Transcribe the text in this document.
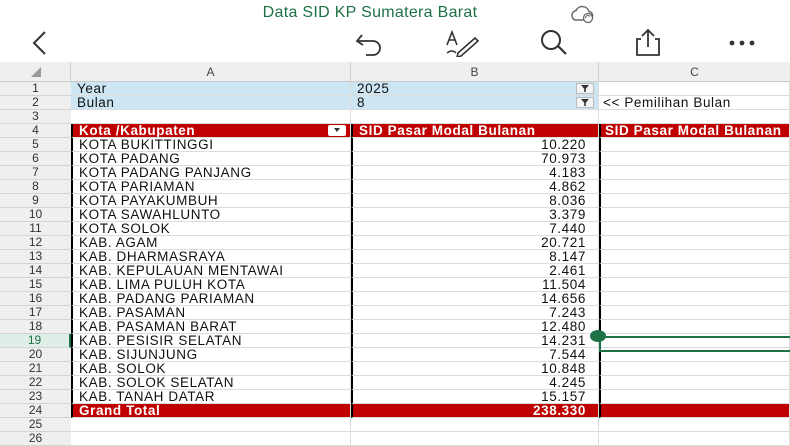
Data SID KP Sumatera Barat
A	B	C
1	Year	2025
2	Bulan	8	<< Pemilihan Bulan
3
4	Kota /Kabupaten	SID Pasar Modal Bulanan	SID Pasar Modal Bulanan
5	KOTA BUKITTINGGI	10.220
6	KOTA PADANG	70.973
7	KOTA PADANG PANJANG	4.183
8	KOTA PARIAMAN	4.862
9	KOTA PAYAKUMBUH	8.036
10	KOTA SAWAHLUNTO	3.379
11	KOTA SOLOK	7.440
12	KAB. AGAM	20.721
13	KAB. DHARMASRAYA	8.147
14	KAB. KEPULAUAN MENTAWAI	2.461
15	KAB. LIMA PULUH KOTA	11.504
16	KAB. PADANG PARIAMAN	14.656
17	KAB. PASAMAN	7.243
18	KAB. PASAMAN BARAT	12.480
19	KAB. PESISIR SELATAN	14.231
20	KAB. SIJUNJUNG	7.544
21	KAB. SOLOK	10.848
22	KAB. SOLOK SELATAN	4.245
23	KAB. TANAH DATAR	15.157
24	Grand Total	238.330
25
26
